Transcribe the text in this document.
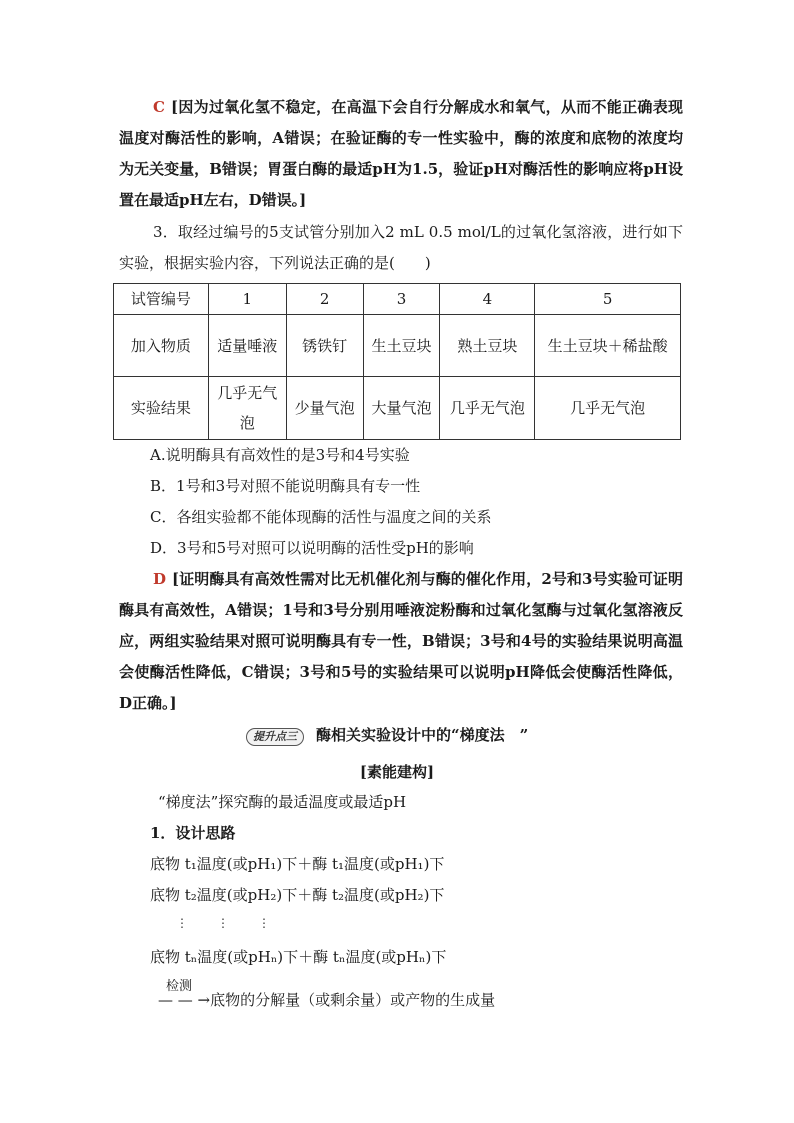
C [因为过氧化氢不稳定，在高温下会自行分解成水和氧气，从而不能正确表现温度对酶活性的影响，A错误；在验证酶的专一性实验中，酶的浓度和底物的浓度均为无关变量，B错误；胃蛋白酶的最适pH为1.5，验证pH对酶活性的影响应将pH设置在最适pH左右，D错误。]
3．取经过编号的5支试管分别加入2 mL 0.5 mol/L的过氧化氢溶液，进行如下实验，根据实验内容，下列说法正确的是(　　)
试管编号	1	2	3	4	5
加入物质	适量唾液	锈铁钉	生土豆块	熟土豆块	生土豆块＋稀盐酸
实验结果	几乎无气泡	少量气泡	大量气泡	几乎无气泡	几乎无气泡
A.说明酶具有高效性的是3号和4号实验
B．1号和3号对照不能说明酶具有专一性
C．各组实验都不能体现酶的活性与温度之间的关系
D．3号和5号对照可以说明酶的活性受pH的影响
D [证明酶具有高效性需对比无机催化剂与酶的催化作用，2号和3号实验可证明酶具有高效性，A错误；1号和3号分别用唾液淀粉酶和过氧化氢酶与过氧化氢溶液反应，两组实验结果对照可说明酶具有专一性，B错误；3号和4号的实验结果说明高温会使酶活性降低，C错误；3号和5号的实验结果可以说明pH降低会使酶活性降低，D正确。]
提升点三 酶相关实验设计中的“梯度法　”
[素能建构]
“梯度法”探究酶的最适温度或最适pH
1．设计思路
底物 t₁温度(或pH₁)下＋酶 t₁温度(或pH₁)下
底物 t₂温度(或pH₂)下＋酶 t₂温度(或pH₂)下
⋮ ⋮ ⋮
底物 tₙ温度(或pHₙ)下＋酶 tₙ温度(或pHₙ)下
检测
— — →底物的分解量（或剩余量）或产物的生成量
